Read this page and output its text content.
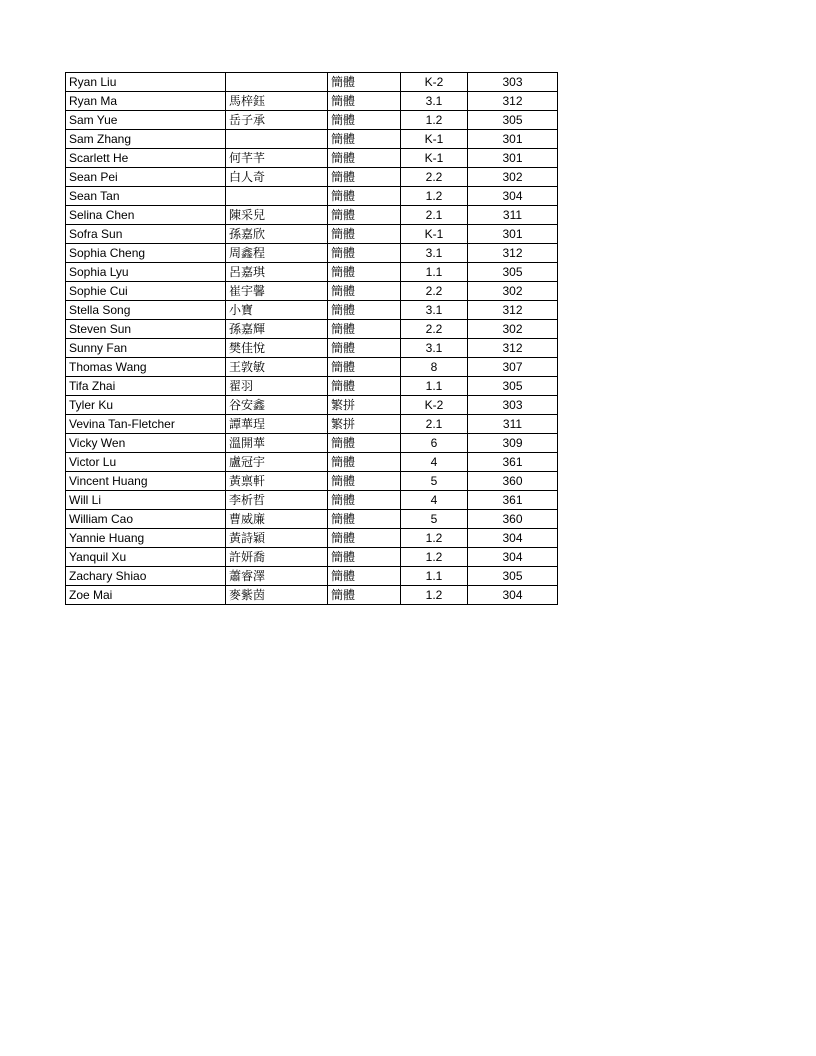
Ryan Liu		簡體	K-2	303
Ryan Ma	馬梓鈺	簡體	3.1	312
Sam Yue	岳子承	簡體	1.2	305
Sam Zhang		簡體	K-1	301
Scarlett He	何芊芊	簡體	K-1	301
Sean Pei	白人奇	簡體	2.2	302
Sean Tan		簡體	1.2	304
Selina Chen	陳采兒	簡體	2.1	311
Sofra Sun	孫嘉欣	簡體	K-1	301
Sophia Cheng	周鑫程	簡體	3.1	312
Sophia Lyu	呂嘉琪	簡體	1.1	305
Sophie Cui	崔宇馨	簡體	2.2	302
Stella Song	小寶	簡體	3.1	312
Steven Sun	孫嘉輝	簡體	2.2	302
Sunny Fan	樊佳悅	簡體	3.1	312
Thomas Wang	王敦敏	簡體	8	307
Tifa Zhai	翟羽	簡體	1.1	305
Tyler Ku	谷安鑫	繁拼	K-2	303
Vevina Tan-Fletcher	譚華珵	繁拼	2.1	311
Vicky Wen	溫開華	簡體	6	309
Victor Lu	盧冠宇	簡體	4	361
Vincent Huang	黃禀軒	簡體	5	360
Will Li	李析哲	簡體	4	361
William Cao	曹威廉	簡體	5	360
Yannie Huang	黃詩穎	簡體	1.2	304
Yanquil Xu	許妍喬	簡體	1.2	304
Zachary Shiao	蕭睿澤	簡體	1.1	305
Zoe Mai	麥紫茵	簡體	1.2	304
